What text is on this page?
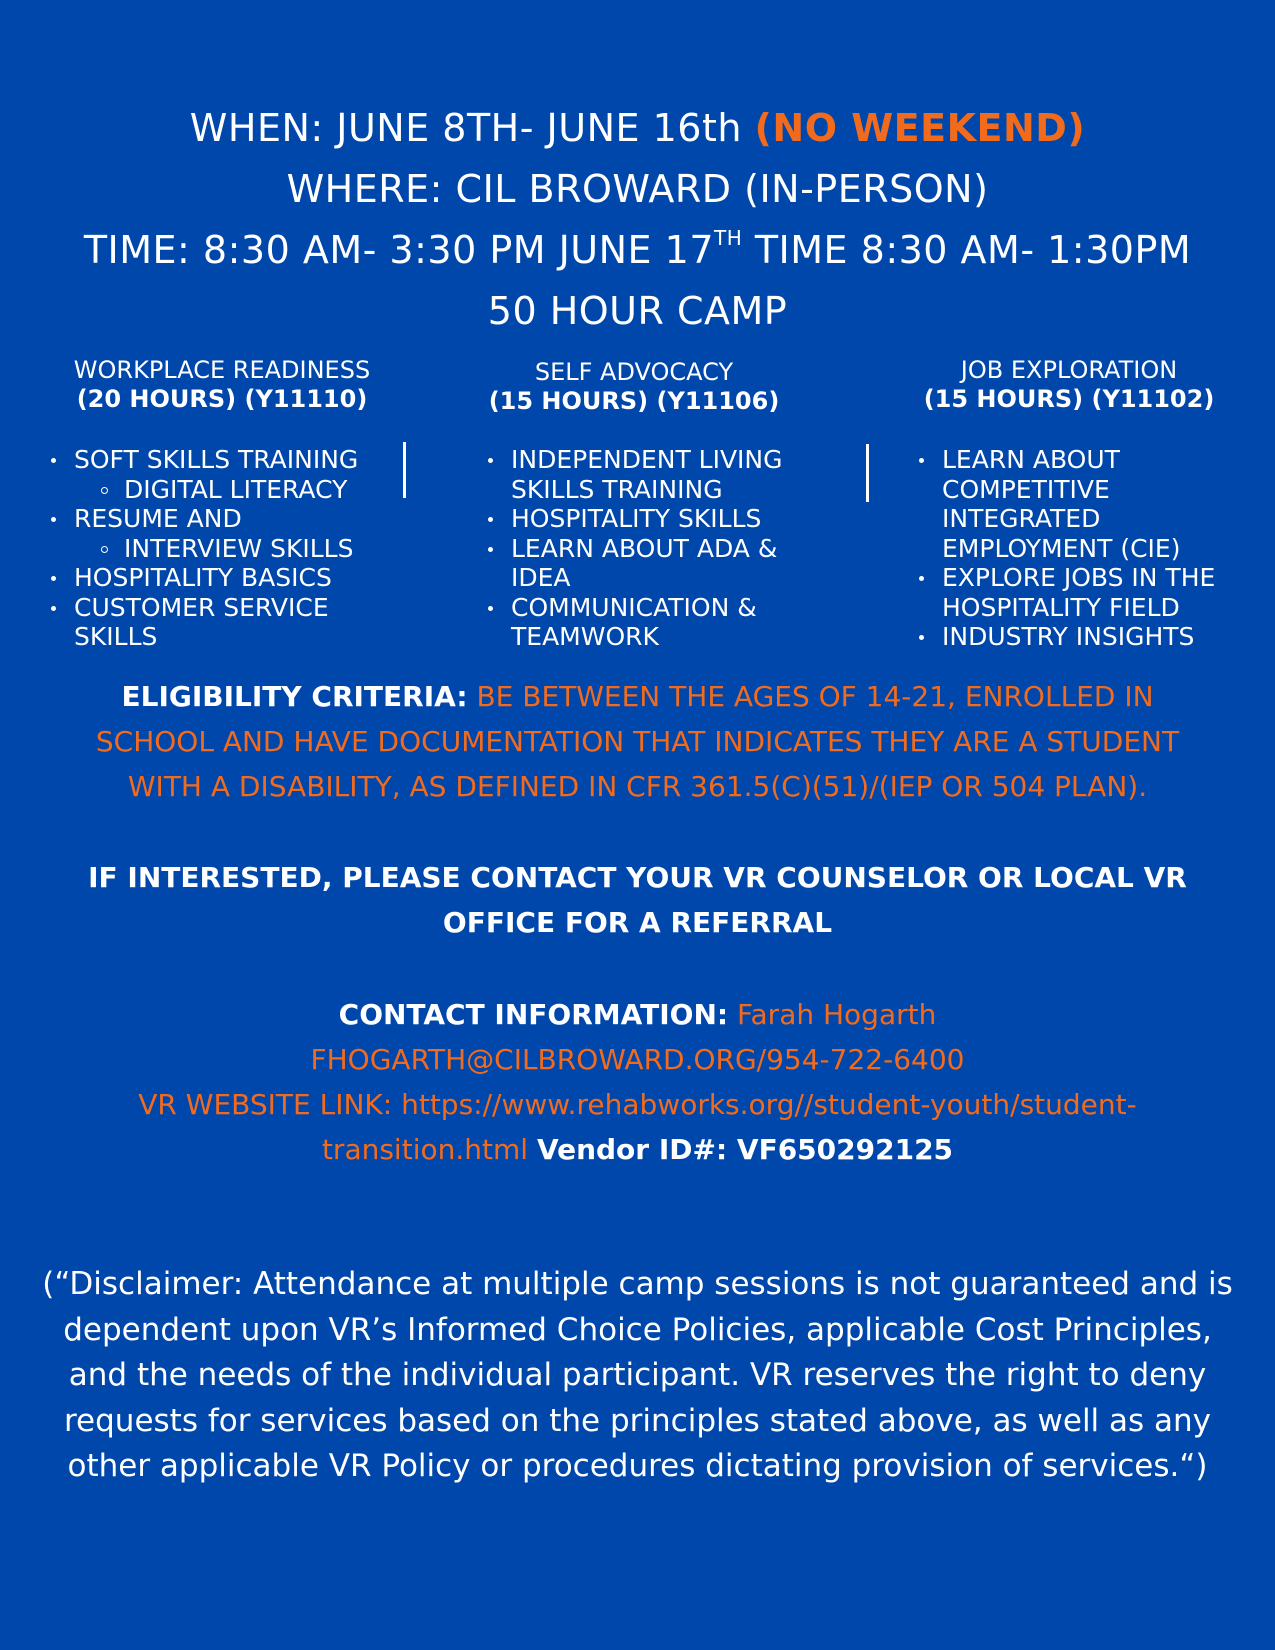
WHEN: JUNE 8TH- JUNE 16th (NO WEEKEND)
WHERE: CIL BROWARD (IN-PERSON)
TIME: 8:30 AM- 3:30 PM JUNE 17TH TIME 8:30 AM- 1:30PM
50 HOUR CAMP
WORKPLACE READINESS
(20 HOURS) (Y11110)
SOFT SKILLS TRAINING
DIGITAL LITERACY
RESUME AND
INTERVIEW SKILLS
HOSPITALITY BASICS
CUSTOMER SERVICE
SKILLS
SELF ADVOCACY
(15 HOURS) (Y11106)
INDEPENDENT LIVING
SKILLS TRAINING
HOSPITALITY SKILLS
LEARN ABOUT ADA &
IDEA
COMMUNICATION &
TEAMWORK
JOB EXPLORATION
(15 HOURS) (Y11102)
LEARN ABOUT
COMPETITIVE
INTEGRATED
EMPLOYMENT (CIE)
EXPLORE JOBS IN THE
HOSPITALITY FIELD
INDUSTRY INSIGHTS
ELIGIBILITY CRITERIA: BE BETWEEN THE AGES OF 14-21, ENROLLED IN
SCHOOL AND HAVE DOCUMENTATION THAT INDICATES THEY ARE A STUDENT
WITH A DISABILITY, AS DEFINED IN CFR 361.5(C)(51)/(IEP OR 504 PLAN).
IF INTERESTED, PLEASE CONTACT YOUR VR COUNSELOR OR LOCAL VR
OFFICE FOR A REFERRAL
CONTACT INFORMATION: Farah Hogarth
FHOGARTH@CILBROWARD.ORG/954-722-6400
VR WEBSITE LINK: https://www.rehabworks.org//student-youth/student-
transition.html Vendor ID#: VF650292125
(“Disclaimer: Attendance at multiple camp sessions is not guaranteed and is
dependent upon VR’s Informed Choice Policies, applicable Cost Principles,
and the needs of the individual participant. VR reserves the right to deny
requests for services based on the principles stated above, as well as any
other applicable VR Policy or procedures dictating provision of services.“)
